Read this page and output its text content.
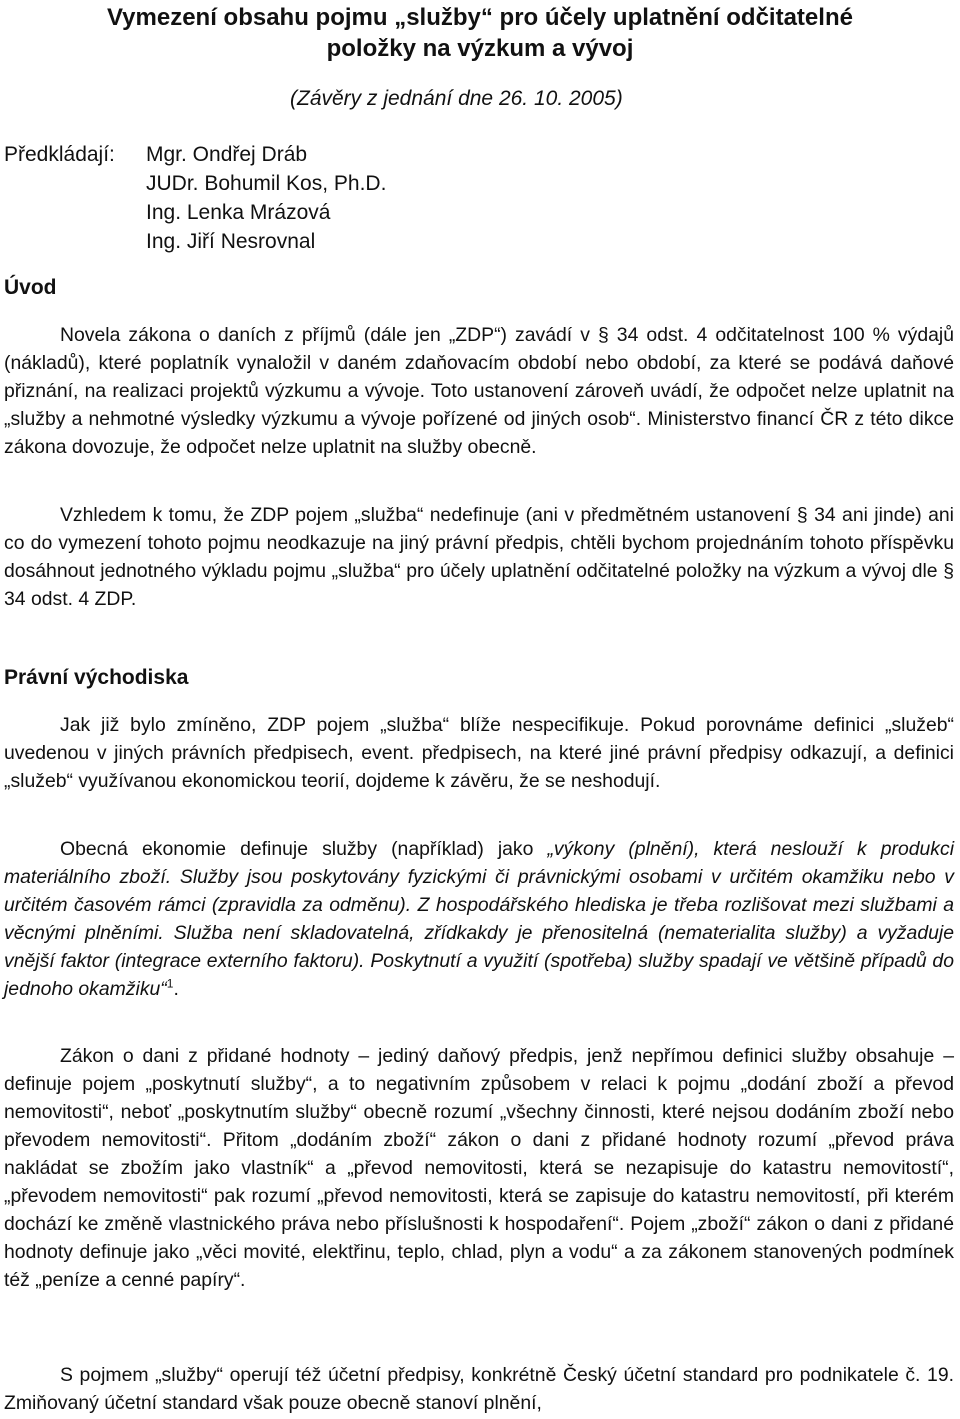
Vymezení obsahu pojmu „služby“ pro účely uplatnění odčitatelné
položky na výzkum a vývoj
(Závěry z jednání dne 26. 10. 2005)
Předkládají:	Mgr. Ondřej Dráb
JUDr. Bohumil Kos, Ph.D.
Ing. Lenka Mrázová
Ing. Jiří Nesrovnal
Úvod

Novela zákona o daních z příjmů (dále jen „ZDP“) zavádí v § 34 odst. 4 odčitatelnost 100 % výdajů (nákladů), které poplatník vynaložil v daném zdaňovacím období nebo období, za které se podává daňové přiznání, na realizaci projektů výzkumu a vývoje. Toto ustanovení zároveň uvádí, že odpočet nelze uplatnit na „služby a nehmotné výsledky výzkumu a vývoje pořízené od jiných osob“. Ministerstvo financí ČR z této dikce zákona dovozuje, že odpočet nelze uplatnit na služby obecně.

Vzhledem k tomu, že ZDP pojem „služba“ nedefinuje (ani v předmětném ustanovení § 34 ani jinde) ani co do vymezení tohoto pojmu neodkazuje na jiný právní předpis, chtěli bychom projednáním tohoto příspěvku dosáhnout jednotného výkladu pojmu „služba“ pro účely uplatnění odčitatelné položky na výzkum a vývoj dle § 34 odst. 4 ZDP.

Právní východiska

Jak již bylo zmíněno, ZDP pojem „služba“ blíže nespecifikuje. Pokud porovnáme definici „služeb“ uvedenou v jiných právních předpisech, event. předpisech, na které jiné právní předpisy odkazují, a definici „služeb“ využívanou ekonomickou teorií, dojdeme k závěru, že se neshodují.

Obecná ekonomie definuje služby (například) jako „výkony (plnění), která neslouží k produkci materiálního zboží. Služby jsou poskytovány fyzickými či právnickými osobami v určitém okamžiku nebo v určitém časovém rámci (zpravidla za odměnu). Z hospodářského hlediska je třeba rozlišovat mezi službami a věcnými plněními. Služba není skladovatelná, zřídkakdy je přenositelná (nematerialita služby) a vyžaduje vnější faktor (integrace externího faktoru). Poskytnutí a využití (spotřeba) služby spadají ve většině případů do jednoho okamžiku“$^1$.

Zákon o dani z přidané hodnoty – jediný daňový předpis, jenž nepřímou definici služby obsahuje – definuje pojem „poskytnutí služby“, a to negativním způsobem v relaci k pojmu „dodání zboží a převod nemovitosti“, neboť „poskytnutím služby“ obecně rozumí „všechny činnosti, které nejsou dodáním zboží nebo převodem nemovitosti“. Přitom „dodáním zboží“ zákon o dani z přidané hodnoty rozumí „převod práva nakládat se zbožím jako vlastník“ a „převod nemovitosti, která se nezapisuje do katastru nemovitostí“, „převodem nemovitosti“ pak rozumí „převod nemovitosti, která se zapisuje do katastru nemovitostí, při kterém dochází ke změně vlastnického práva nebo příslušnosti k hospodaření“. Pojem „zboží“ zákon o dani z přidané hodnoty definuje jako „věci movité, elektřinu, teplo, chlad, plyn a vodu“ a za zákonem stanovených podmínek též „peníze a cenné papíry“.

S pojmem „služby“ operují též účetní předpisy, konkrétně Český účetní standard pro podnikatele č. 19. Zmiňovaný účetní standard však pouze obecně stanoví plnění,
